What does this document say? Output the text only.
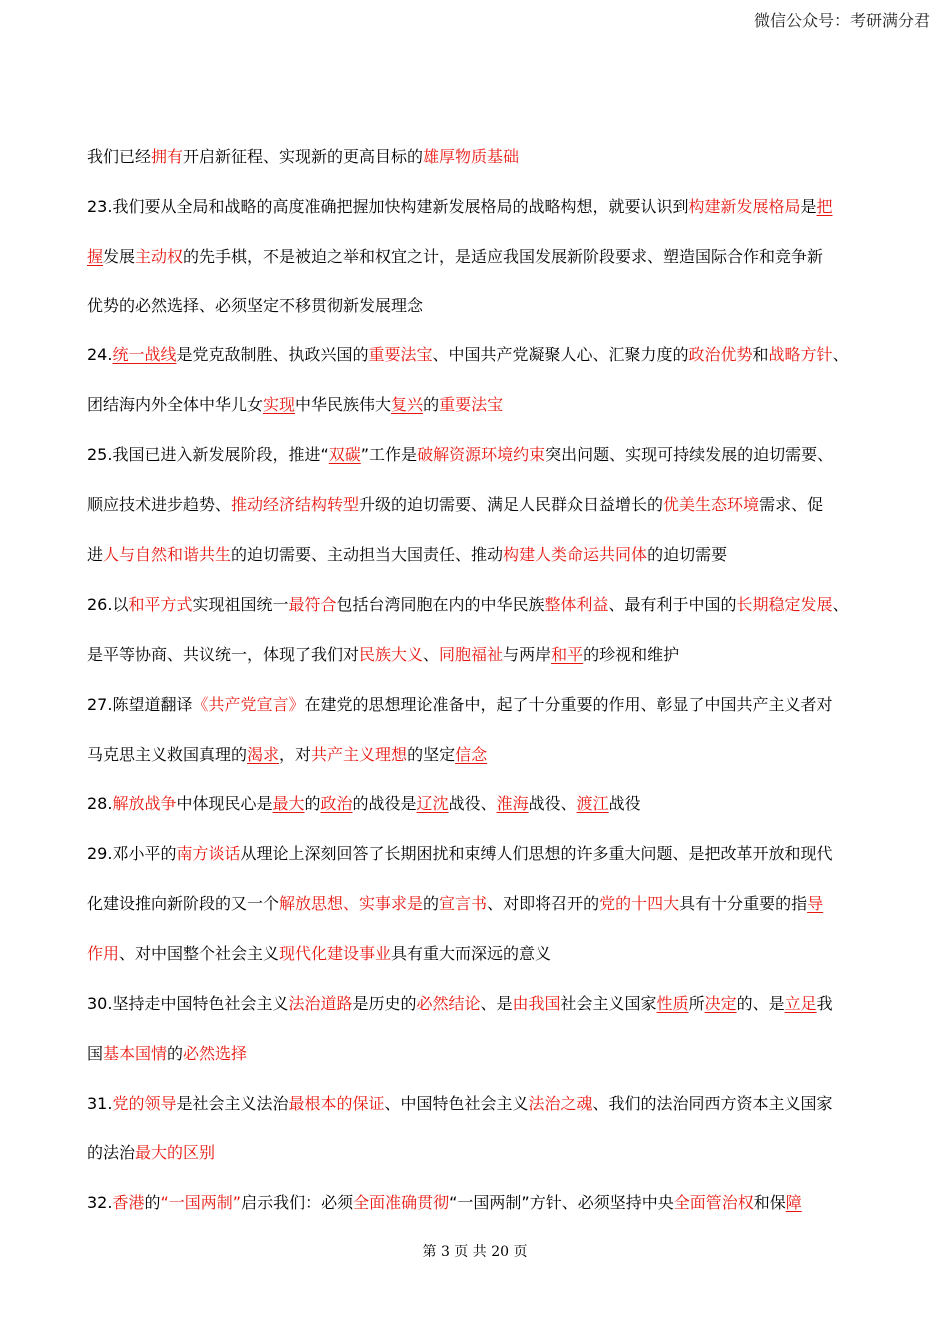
微信公众号：考研满分君
我们已经拥有开启新征程、实现新的更高目标的雄厚物质基础
23.我们要从全局和战略的高度准确把握加快构建新发展格局的战略构想，就要认识到构建新发展格局是把
握发展主动权的先手棋，不是被迫之举和权宜之计，是适应我国发展新阶段要求、塑造国际合作和竞争新
优势的必然选择、必须坚定不移贯彻新发展理念
24.统一战线是党克敌制胜、执政兴国的重要法宝、中国共产党凝聚人心、汇聚力度的政治优势和战略方针、
团结海内外全体中华儿女实现中华民族伟大复兴的重要法宝
25.我国已进入新发展阶段，推进“双碳”工作是破解资源环境约束突出问题、实现可持续发展的迫切需要、
顺应技术进步趋势、推动经济结构转型升级的迫切需要、满足人民群众日益增长的优美生态环境需求、促
进人与自然和谐共生的迫切需要、主动担当大国责任、推动构建人类命运共同体的迫切需要
26.以和平方式实现祖国统一最符合包括台湾同胞在内的中华民族整体利益、最有利于中国的长期稳定发展、
是平等协商、共议统一，体现了我们对民族大义、同胞福祉与两岸和平的珍视和维护
27.陈望道翻译《共产党宣言》在建党的思想理论准备中，起了十分重要的作用、彰显了中国共产主义者对
马克思主义救国真理的渴求，对共产主义理想的坚定信念
28.解放战争中体现民心是最大的政治的战役是辽沈战役、淮海战役、渡江战役
29.邓小平的南方谈话从理论上深刻回答了长期困扰和束缚人们思想的许多重大问题、是把改革开放和现代
化建设推向新阶段的又一个解放思想、实事求是的宣言书、对即将召开的党的十四大具有十分重要的指导
作用、对中国整个社会主义现代化建设事业具有重大而深远的意义
30.坚持走中国特色社会主义法治道路是历史的必然结论、是由我国社会主义国家性质所决定的、是立足我
国基本国情的必然选择
31.党的领导是社会主义法治最根本的保证、中国特色社会主义法治之魂、我们的法治同西方资本主义国家
的法治最大的区别
32.香港的“一国两制”启示我们：必须全面准确贯彻“一国两制”方针、必须坚持中央全面管治权和保障
第 3 页 共 20 页
